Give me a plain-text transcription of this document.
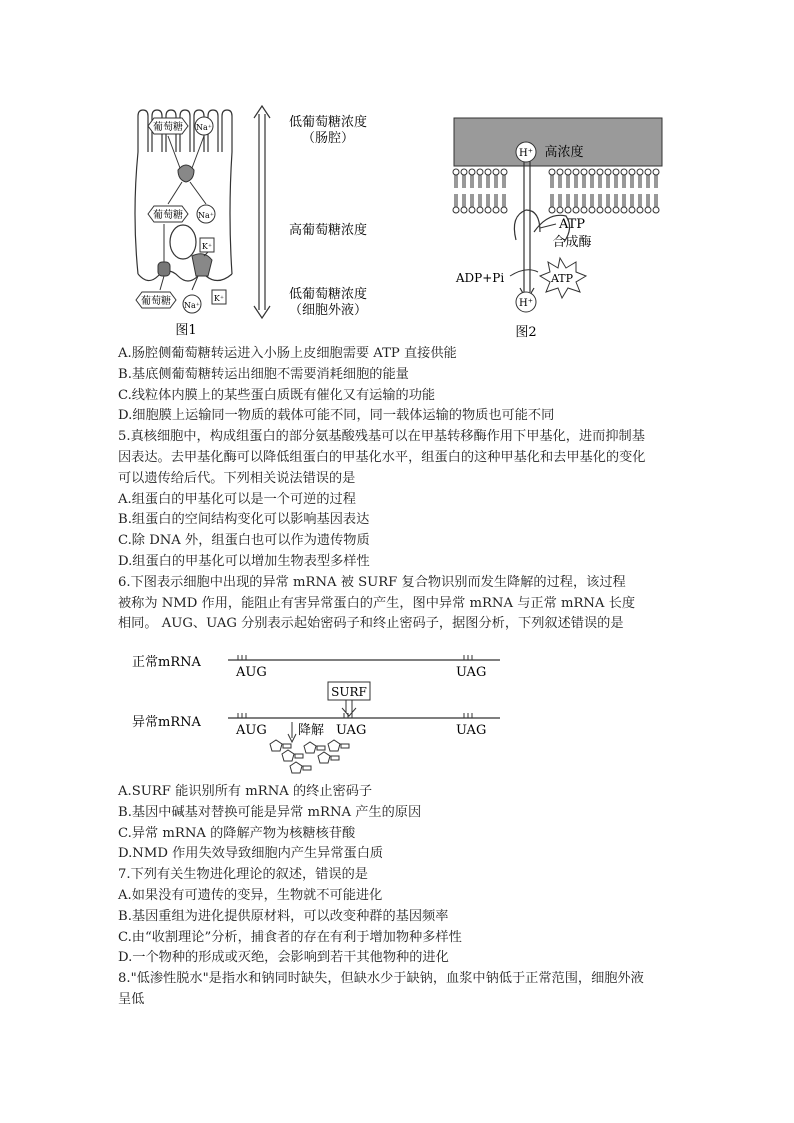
葡萄糖 Na⁺
葡萄糖 Na⁺
K⁺
葡萄糖 Na⁺
K⁺
低葡萄糖浓度
（肠腔）
高葡萄糖浓度
低葡萄糖浓度
（细胞外液）
图1
H⁺ 高浓度
ATP
合成酶
ADP+Pi	ATP
H⁺
图2
A.肠腔侧葡萄糖转运进入小肠上皮细胞需要 ATP 直接供能
B.基底侧葡萄糖转运出细胞不需要消耗细胞的能量
C.线粒体内膜上的某些蛋白质既有催化又有运输的功能
D.细胞膜上运输同一物质的载体可能不同，同一载体运输的物质也可能不同
5.真核细胞中，构成组蛋白的部分氨基酸残基可以在甲基转移酶作用下甲基化，进而抑制基
因表达。去甲基化酶可以降低组蛋白的甲基化水平，组蛋白的这种甲基化和去甲基化的变化
可以遗传给后代。下列相关说法错误的是
A.组蛋白的甲基化可以是一个可逆的过程
B.组蛋白的空间结构变化可以影响基因表达
C.除 DNA 外，组蛋白也可以作为遗传物质
D.组蛋白的甲基化可以增加生物表型多样性
6.下图表示细胞中出现的异常 mRNA 被 SURF 复合物识别而发生降解的过程，该过程
被称为 NMD 作用，能阻止有害异常蛋白的产生，图中异常 mRNA 与正常 mRNA 长度
相同。 AUG、UAG 分别表示起始密码子和终止密码子，据图分析，下列叙述错误的是
正常mRNA
AUG	UAG
SURF
异常mRNA
AUG	UAG	UAG
降解
A.SURF 能识别所有 mRNA 的终止密码子
B.基因中碱基对替换可能是异常 mRNA 产生的原因
C.异常 mRNA 的降解产物为核糖核苷酸
D.NMD 作用失效导致细胞内产生异常蛋白质
7.下列有关生物进化理论的叙述，错误的是
A.如果没有可遗传的变异，生物就不可能进化
B.基因重组为进化提供原材料，可以改变种群的基因频率
C.由“收割理论”分析，捕食者的存在有利于增加物种多样性
D.一个物种的形成或灭绝，会影响到若干其他物种的进化
8."低渗性脱水"是指水和钠同时缺失，但缺水少于缺钠，血浆中钠低于正常范围，细胞外液
呈低
